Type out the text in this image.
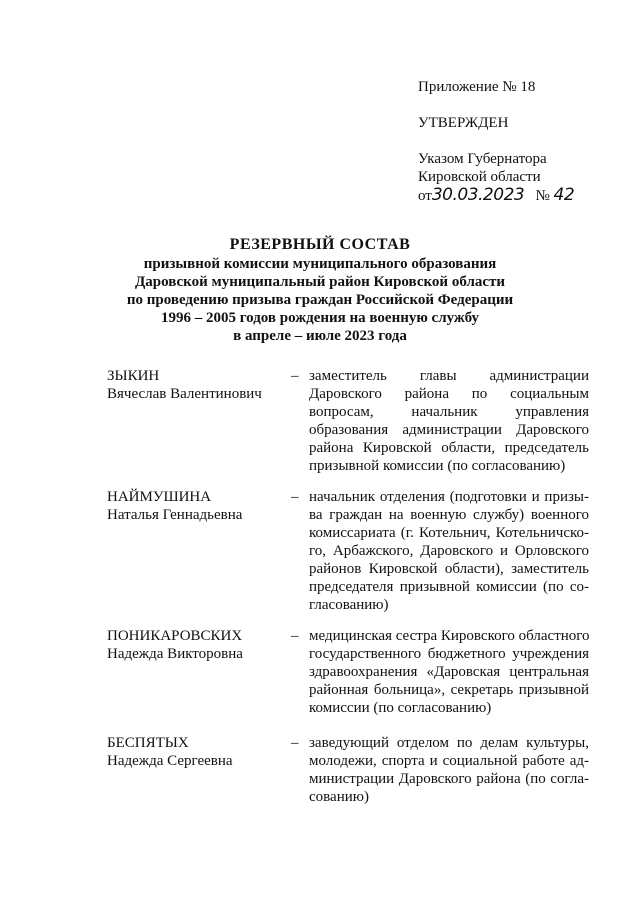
Приложение № 18
УТВЕРЖДЕН
Указом Губернатора
Кировской области
от30.03.2023 № 42
РЕЗЕРВНЫЙ СОСТАВ
призывной комиссии муниципального образования
Даровской муниципальный район Кировской области
по проведению призыва граждан Российской Федерации
1996 – 2005 годов рождения на военную службу
в апреле – июле 2023 года
ЗЫКИН
Вячеслав Валентинович
– заместитель главы администрации
Даровского района по социальным
вопросам, начальник управления
образования администрации Даровского
района Кировской области, председатель
призывной комиссии (по согласованию)
НАЙМУШИНА
Наталья Геннадьевна
– начальник отделения (подготовки и призы-
ва граждан на военную службу) военного
комиссариата (г. Котельнич, Котельничско-
го, Арбажского, Даровского и Орловского
районов Кировской области), заместитель
председателя призывной комиссии (по со-
гласованию)
ПОНИКАРОВСКИХ
Надежда Викторовна
– медицинская сестра Кировского областного
государственного бюджетного учреждения
здравоохранения «Даровская центральная
районная больница», секретарь призывной
комиссии (по согласованию)
БЕСПЯТЫХ
Надежда Сергеевна
– заведующий отделом по делам культуры,
молодежи, спорта и социальной работе ад-
министрации Даровского района (по согла-
сованию)
